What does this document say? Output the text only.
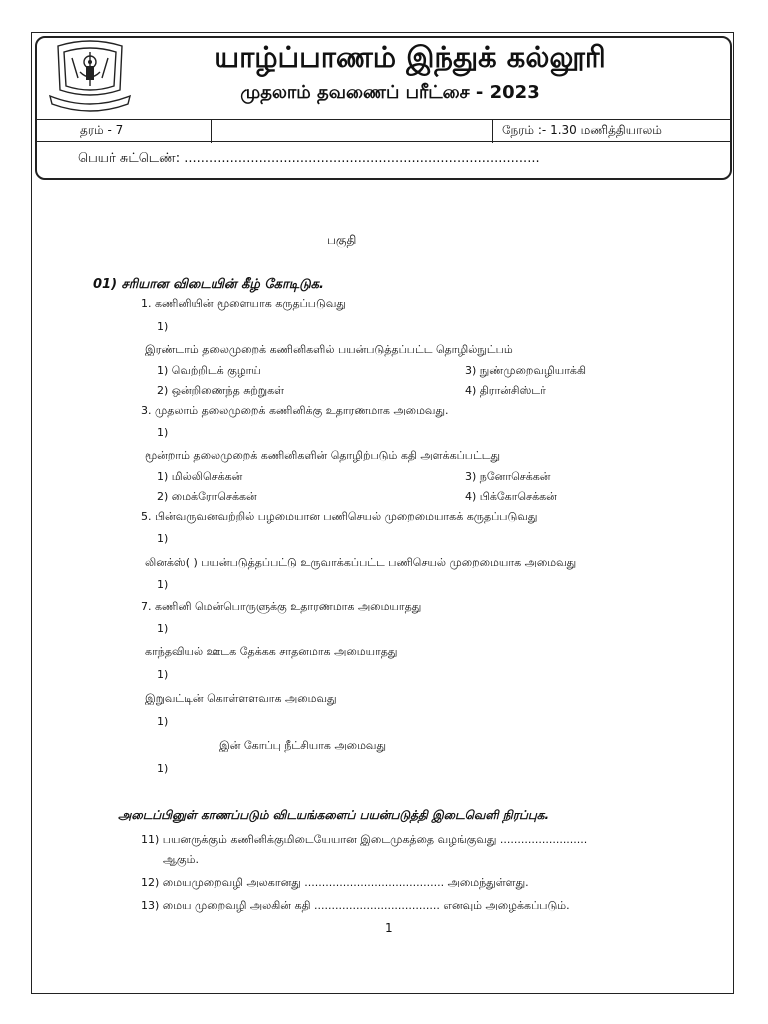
யாழ்ப்பாணம் இந்துக் கல்லூரி
முதலாம் தவணைப் பரீட்சை - 2023
தரம் - 7	நேரம் :- 1.30 மணித்தியாலம்
பெயர் சுட்டெண்: ......................................................................................
பகுதி
01) சரியான விடையின் கீழ் கோடிடுக.
1. கணினியின் மூளையாக கருதப்படுவது
1)
இரண்டாம் தலைமுறைக் கணினிகளில் பயன்படுத்தப்பட்ட தொழில்நுட்பம்
1) வெற்றிடக் குழாய்	3) நுண்முறைவழியாக்கி
2) ஒன்றிணைந்த சுற்றுகள்	4) திரான்சிஸ்டர்
3. முதலாம் தலைமுறைக் கணினிக்கு உதாரணமாக அமைவது.
1)
மூன்றாம் தலைமுறைக் கணினிகளின் தொழிற்படும் கதி அளக்கப்பட்டது
1) மில்லிசெக்கன்	3) நனோசெக்கன்
2) மைக்ரோசெக்கன்	4) பிக்கோசெக்கன்
5. பின்வருவனவற்றில் பழமையான பணிசெயல் முறைமையாகக் கருதப்படுவது
1)
லினக்ஸ்( ) பயன்படுத்தப்பட்டு உருவாக்கப்பட்ட பணிசெயல் முறைமையாக அமைவது
1)
7. கணினி மென்பொருளுக்கு உதாரணமாக அமையாதது
1)
காந்தவியல் ஊடக தேக்கக சாதனமாக அமையாதது
1)
இறுவட்டின் கொள்ளளவாக அமைவது
1)
இன் கோப்பு நீட்சியாக அமைவது
1)
அடைப்பினுள் காணப்படும் விடயங்களைப் பயன்படுத்தி இடைவெளி நிரப்புக.
11) பயனருக்கும் கணினிக்குமிடையேயான இடைமுகத்தை வழங்குவது .........................
ஆகும்.
12) மையமுறைவழி அலகானது ........................................ அமைந்துள்ளது.
13) மைய முறைவழி அலகின் கதி .................................... எனவும் அழைக்கப்படும்.
1
